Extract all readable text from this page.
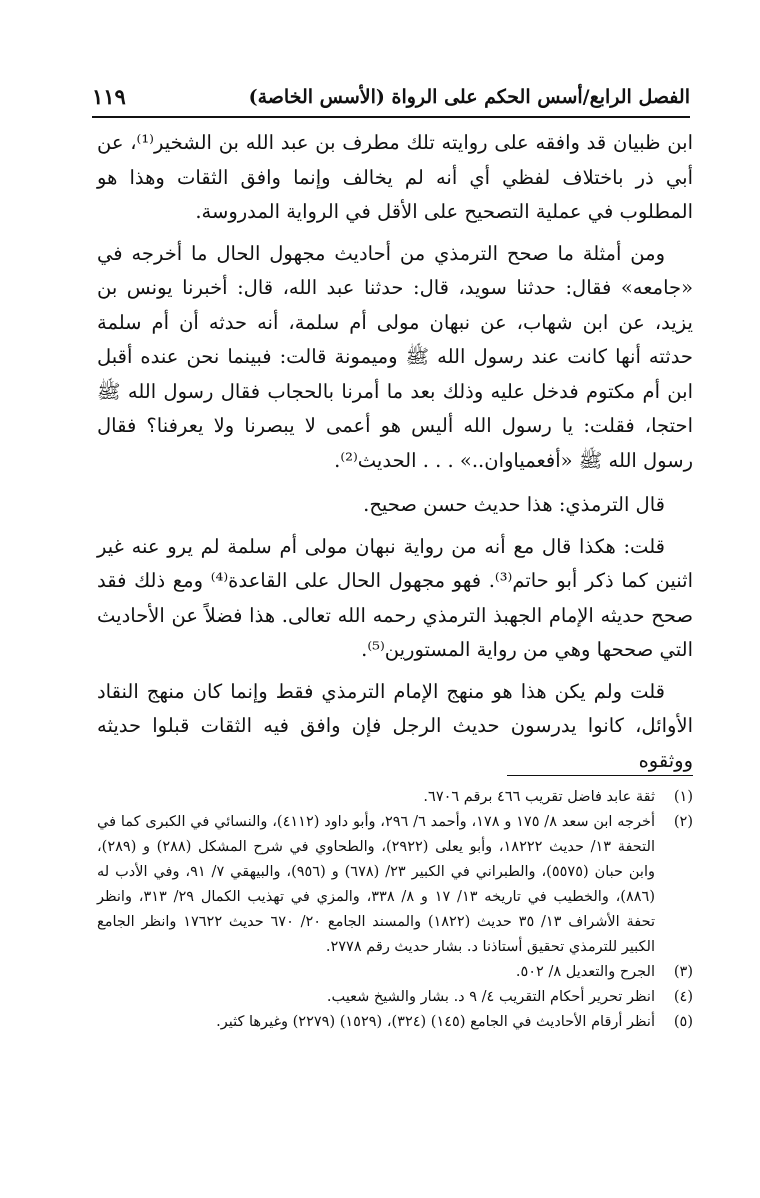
الفصل الرابع/أسس الحكم على الرواة (الأسس الخاصة)
١١٩

ابن ظبيان قد وافقه على روايته تلك مطرف بن عبد الله بن الشخير⁽¹⁾، عن أبي ذر باختلاف لفظي أي أنه لم يخالف وإنما وافق الثقات وهذا هو المطلوب في عملية التصحيح على الأقل في الرواية المدروسة.

ومن أمثلة ما صحح الترمذي من أحاديث مجهول الحال ما أخرجه في «جامعه» فقال: حدثنا سويد، قال: حدثنا عبد الله، قال: أخبرنا يونس بن يزيد، عن ابن شهاب، عن نبهان مولى أم سلمة، أنه حدثه أن أم سلمة حدثته أنها كانت عند رسول الله ﷺ وميمونة قالت: فبينما نحن عنده أقبل ابن أم مكتوم فدخل عليه وذلك بعد ما أمرنا بالحجاب فقال رسول الله ﷺ احتجا، فقلت: يا رسول الله أليس هو أعمى لا يبصرنا ولا يعرفنا؟ فقال رسول الله ﷺ «أفعمياوان..» . . . الحديث⁽²⁾.

قال الترمذي: هذا حديث حسن صحيح.

قلت: هكذا قال مع أنه من رواية نبهان مولى أم سلمة لم يرو عنه غير اثنين كما ذكر أبو حاتم⁽³⁾. فهو مجهول الحال على القاعدة⁽⁴⁾ ومع ذلك فقد صحح حديثه الإمام الجهبذ الترمذي رحمه الله تعالى. هذا فضلاً عن الأحاديث التي صححها وهي من رواية المستورين⁽⁵⁾.

قلت ولم يكن هذا هو منهج الإمام الترمذي فقط وإنما كان منهج النقاد الأوائل، كانوا يدرسون حديث الرجل فإن وافق فيه الثقات قبلوا حديثه ووثقوه

(١)
ثقة عابد فاضل تقريب ٤٦٦ برقم ٦٧٠٦.
(٢)
أخرجه ابن سعد ٨/ ١٧٥ و ١٧٨، وأحمد ٦/ ٢٩٦، وأبو داود (٤١١٢)، والنسائي في الكبرى كما في التحفة ١٣/ حديث ١٨٢٢٢، وأبو يعلى (٢٩٢٢)، والطحاوي في شرح المشكل (٢٨٨) و (٢٨٩)، وابن حبان (٥٥٧٥)، والطبراني في الكبير ٢٣/ (٦٧٨) و (٩٥٦)، والبيهقي ٧/ ٩١، وفي الأدب له (٨٨٦)، والخطيب في تاريخه ١٣/ ١٧ و ٨/ ٣٣٨، والمزي في تهذيب الكمال ٢٩/ ٣١٣، وانظر تحفة الأشراف ١٣/ ٣٥ حديث (١٨٢٢) والمسند الجامع ٢٠/ ٦٧٠ حديث ١٧٦٢٢ وانظر الجامع الكبير للترمذي تحقيق أستاذنا د. بشار حديث رقم ٢٧٧٨.
(٣)
الجرح والتعديل ٨/ ٥٠٢.
(٤)
انظر تحرير أحكام التقريب ٤/ ٩ د. بشار والشيخ شعيب.
(٥)
أنظر أرقام الأحاديث في الجامع (١٤٥) (٣٢٤)، (١٥٢٩) (٢٢٧٩) وغيرها كثير.
